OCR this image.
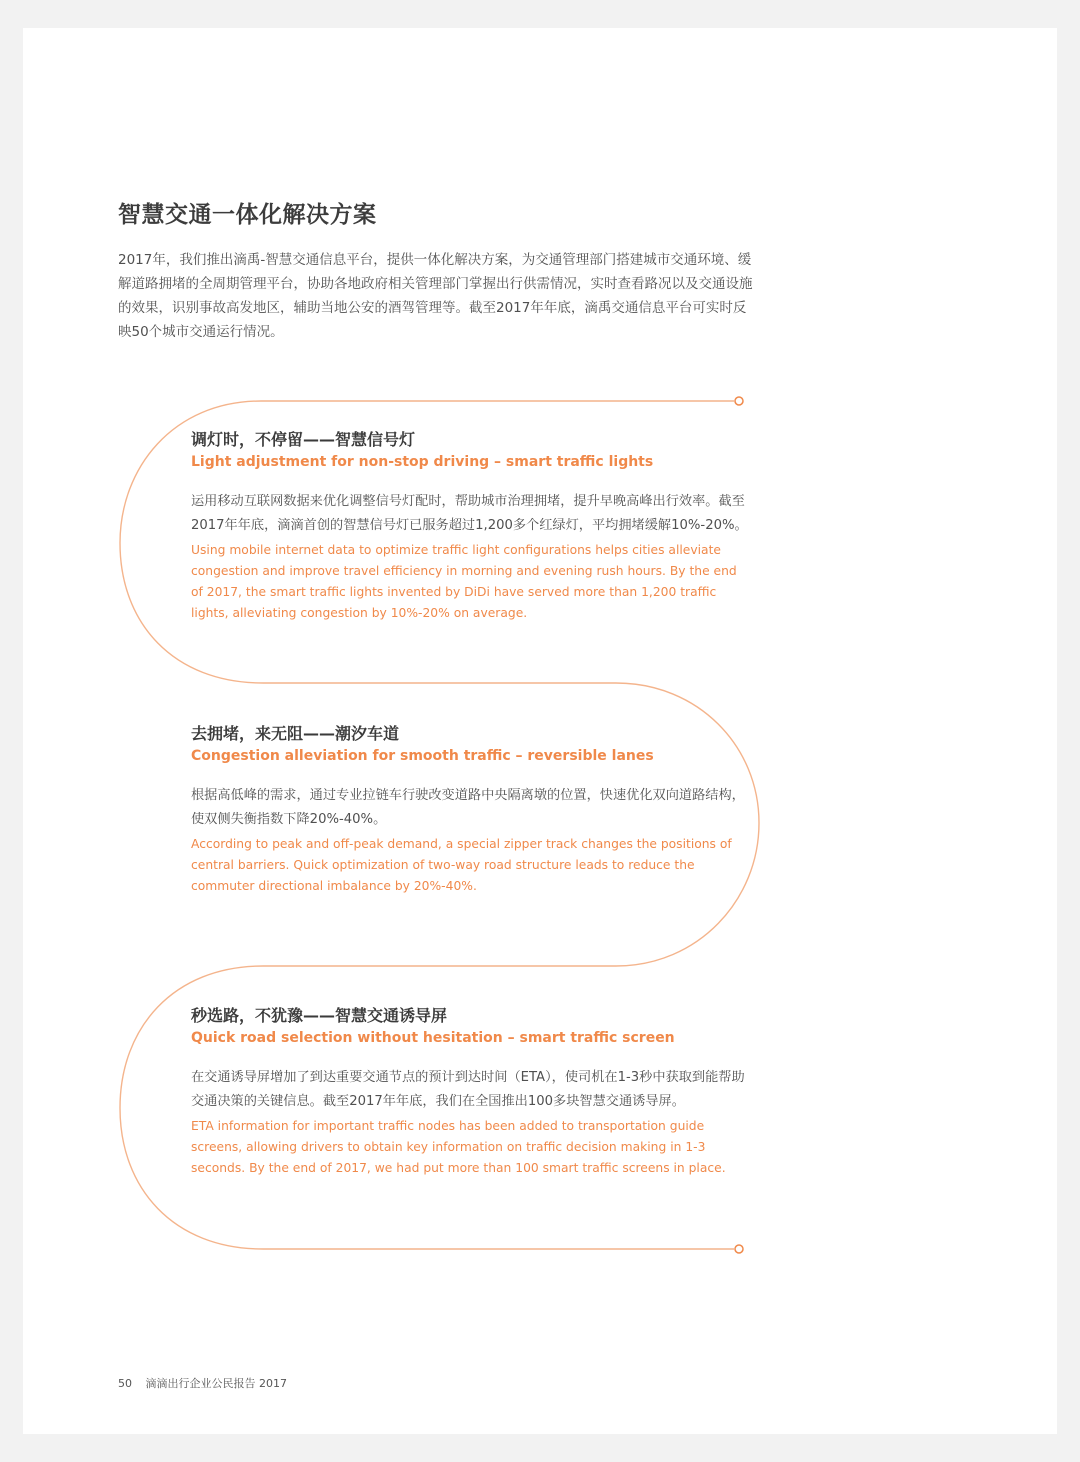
智慧交通一体化解决方案

2017年，我们推出滴禹-智慧交通信息平台，提供一体化解决方案，为交通管理部门搭建城市交通环境、缓解道路拥堵的全周期管理平台，协助各地政府相关管理部门掌握出行供需情况，实时查看路况以及交通设施的效果，识别事故高发地区，辅助当地公安的酒驾管理等。截至2017年年底，滴禹交通信息平台可实时反映50个城市交通运行情况。

调灯时，不停留——智慧信号灯
Light adjustment for non-stop driving – smart traffic lights

运用移动互联网数据来优化调整信号灯配时，帮助城市治理拥堵，提升早晚高峰出行效率。截至2017年年底，滴滴首创的智慧信号灯已服务超过1,200多个红绿灯，平均拥堵缓解10%-20%。

Using mobile internet data to optimize traffic light configurations helps cities alleviate congestion and improve travel efficiency in morning and evening rush hours. By the end of 2017, the smart traffic lights invented by DiDi have served more than 1,200 traffic lights, alleviating congestion by 10%-20% on average.

去拥堵，来无阻——潮汐车道
Congestion alleviation for smooth traffic – reversible lanes

根据高低峰的需求，通过专业拉链车行驶改变道路中央隔离墩的位置，快速优化双向道路结构，使双侧失衡指数下降20%-40%。

According to peak and off-peak demand, a special zipper track changes the positions of central barriers. Quick optimization of two-way road structure leads to reduce the commuter directional imbalance by 20%-40%.

秒选路，不犹豫——智慧交通诱导屏
Quick road selection without hesitation – smart traffic screen

在交通诱导屏增加了到达重要交通节点的预计到达时间（ETA），使司机在1-3秒中获取到能帮助交通决策的关键信息。截至2017年年底，我们在全国推出100多块智慧交通诱导屏。

ETA information for important traffic nodes has been added to transportation guide screens, allowing drivers to obtain key information on traffic decision making in 1-3 seconds. By the end of 2017, we had put more than 100 smart traffic screens in place.

50 滴滴出行企业公民报告 2017
